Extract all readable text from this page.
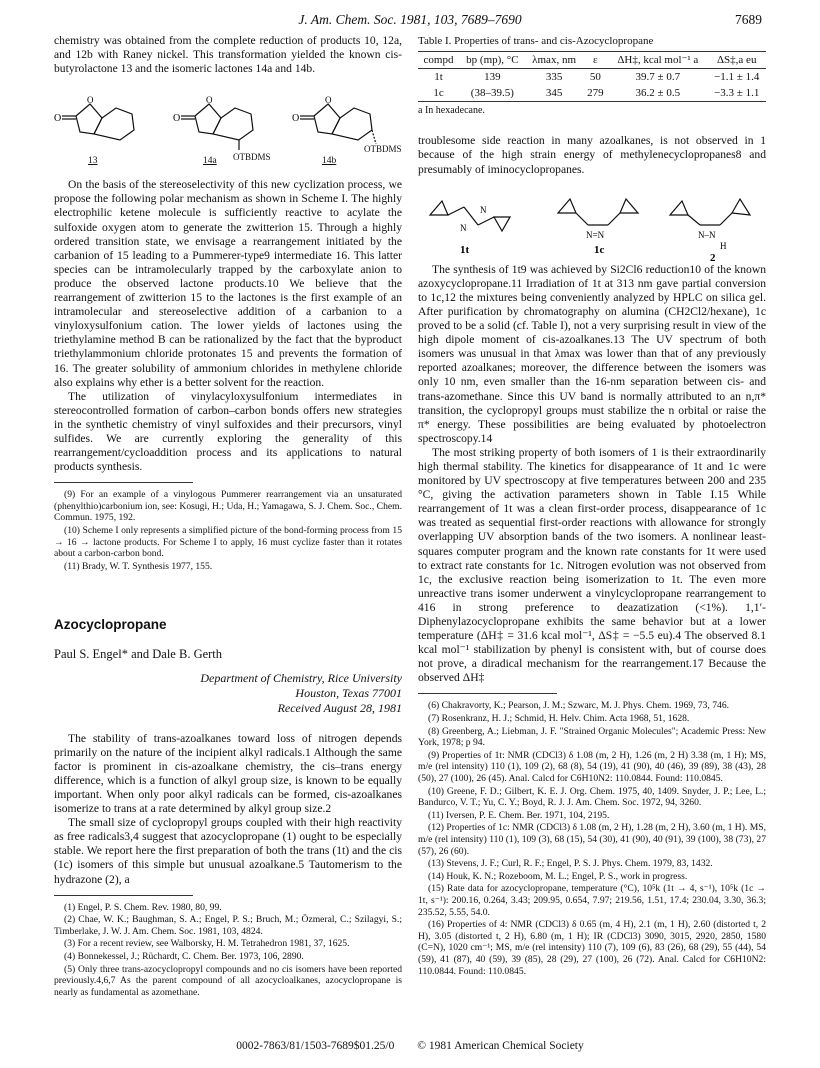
J. Am. Chem. Soc. 1981, 103, 7689–7690	7689

chemistry was obtained from the complete reduction of products 10, 12a, and 12b with Raney nickel. This transformation yielded the known cis-butyrolactone 13 and the isomeric lactones 14a and 14b.

O
O
13
O
O
14a OTBDMS
O
O
14b
OTBDMS

On the basis of the stereoselectivity of this new cyclization process, we propose the following polar mechanism as shown in Scheme I. The highly electrophilic ketene molecule is sufficiently reactive to acylate the sulfoxide oxygen atom to generate the zwitterion 15. Through a highly ordered transition state, we envisage a rearrangement initiated by the carbanion of 15 leading to a Pummerer-type9 intermediate 16. This latter species can be intramolecularly trapped by the carboxylate anion to produce the observed lactone products.10 We believe that the rearrangement of zwitterion 15 to the lactones is the first example of an intramolecular and stereoselective addition of a carbanion to a vinyloxysulfonium cation. The lower yields of lactones using the triethylamine method B can be rationalized by the fact that the byproduct triethylammonium chloride protonates 15 and prevents the formation of 16. The greater solubility of ammonium chlorides in methylene chloride also explains why ether is a better solvent for the reaction.

The utilization of vinylacyloxysulfonium intermediates in stereocontrolled formation of carbon–carbon bonds offers new strategies in the synthetic chemistry of vinyl sulfoxides and their precursors, vinyl sulfides. We are currently exploring the generality of this rearrangement/cycloaddition process and its applications to natural products synthesis.

(9) For an example of a vinylogous Pummerer rearrangement via an unsaturated (phenylthio)carbonium ion, see: Kosugi, H.; Uda, H.; Yamagawa, S. J. Chem. Soc., Chem. Commun. 1975, 192.

(10) Scheme I only represents a simplified picture of the bond-forming process from 15 → 16 → lactone products. For Scheme I to apply, 16 must cyclize faster than it rotates about a carbon-carbon bond.

(11) Brady, W. T. Synthesis 1977, 155.

Azocyclopropane
Paul S. Engel* and Dale B. Gerth
Department of Chemistry, Rice University
Houston, Texas 77001
Received August 28, 1981

The stability of trans-azoalkanes toward loss of nitrogen depends primarily on the nature of the incipient alkyl radicals.1 Although the same factor is prominent in cis-azoalkane chemistry, the cis–trans energy difference, which is a function of alkyl group size, is known to be equally important. When only poor alkyl radicals can be formed, cis-azoalkanes isomerize to trans at a rate determined by alkyl group size.2

The small size of cyclopropyl groups coupled with their high reactivity as free radicals3,4 suggest that azocyclopropane (1) ought to be especially stable. We report here the first preparation of both the trans (1t) and the cis (1c) isomers of this simple but unusual azoalkane.5 Tautomerism to the hydrazone (2), a

(1) Engel, P. S. Chem. Rev. 1980, 80, 99.

(2) Chae, W. K.; Baughman, S. A.; Engel, P. S.; Bruch, M.; Özmeral, C.; Szilagyi, S.; Timberlake, J. W. J. Am. Chem. Soc. 1981, 103, 4824.

(3) For a recent review, see Walborsky, H. M. Tetrahedron 1981, 37, 1625.

(4) Bonnekessel, J.; Rüchardt, C. Chem. Ber. 1973, 106, 2890.

(5) Only three trans-azocyclopropyl compounds and no cis isomers have been reported previously.4,6,7 As the parent compound of all azocycloalkanes, azocyclopropane is nearly as fundamental as azomethane.

Table I. Properties of trans- and cis-Azocyclopropane
compd	bp (mp), °C	λmax, nm	ε	ΔH‡, kcal mol⁻¹ a	ΔS‡,a eu
1t	139	335	50	39.7 ± 0.7	−1.1 ± 1.4
1c	(38–39.5)	345	279	36.2 ± 0.5	−3.3 ± 1.1
a In hexadecane.

troublesome side reaction in many azoalkanes, is not observed in 1 because of the high strain energy of methylenecyclopropanes8 and presumably of iminocyclopropanes.

N
N
N=N	N–N
H
1t	1c
2

The synthesis of 1t9 was achieved by Si2Cl6 reduction10 of the known azoxycyclopropane.11 Irradiation of 1t at 313 nm gave partial conversion to 1c,12 the mixtures being conveniently analyzed by HPLC on silica gel. After purification by chromatography on alumina (CH2Cl2/hexane), 1c proved to be a solid (cf. Table I), not a very surprising result in view of the high dipole moment of cis-azoalkanes.13 The UV spectrum of both isomers was unusual in that λmax was lower than that of any previously reported azoalkanes; moreover, the difference between the isomers was only 10 nm, even smaller than the 16-nm separation between cis- and trans-azomethane. Since this UV band is normally attributed to an n,π* transition, the cyclopropyl groups must stabilize the n orbital or raise the π* energy. These possibilities are being evaluated by photoelectron spectroscopy.14

The most striking property of both isomers of 1 is their extraordinarily high thermal stability. The kinetics for disappearance of 1t and 1c were monitored by UV spectroscopy at five temperatures between 200 and 235 °C, giving the activation parameters shown in Table I.15 While rearrangement of 1t was a clean first-order process, disappearance of 1c was treated as sequential first-order reactions with allowance for strongly overlapping UV absorption bands of the two isomers. A nonlinear least-squares computer program and the known rate constants for 1t were used to extract rate constants for 1c. Nitrogen evolution was not observed from 1c, the exclusive reaction being isomerization to 1t. The even more unreactive trans isomer underwent a vinylcyclopropane rearrangement to 416 in strong preference to deazatization (<1%). 1,1′-Diphenylazocyclopropane exhibits the same behavior but at a lower temperature (ΔH‡ = 31.6 kcal mol⁻¹, ΔS‡ = −5.5 eu).4 The observed 8.1 kcal mol⁻¹ stabilization by phenyl is consistent with, but of course does not prove, a diradical mechanism for the rearrangement.17 Because the observed ΔH‡

(6) Chakravorty, K.; Pearson, J. M.; Szwarc, M. J. Phys. Chem. 1969, 73, 746.

(7) Rosenkranz, H. J.; Schmid, H. Helv. Chim. Acta 1968, 51, 1628.

(8) Greenberg, A.; Liebman, J. F. "Strained Organic Molecules"; Academic Press: New York, 1978; p 94.

(9) Properties of 1t: NMR (CDCl3) δ 1.08 (m, 2 H), 1.26 (m, 2 H) 3.38 (m, 1 H); MS, m/e (rel intensity) 110 (1), 109 (2), 68 (8), 54 (19), 41 (90), 40 (46), 39 (89), 38 (43), 28 (50), 27 (100), 26 (45). Anal. Calcd for C6H10N2: 110.0844. Found: 110.0845.

(10) Greene, F. D.; Gilbert, K. E. J. Org. Chem. 1975, 40, 1409. Snyder, J. P.; Lee, L.; Bandurco, V. T.; Yu, C. Y.; Boyd, R. J. J. Am. Chem. Soc. 1972, 94, 3260.

(11) Iversen, P. E. Chem. Ber. 1971, 104, 2195.

(12) Properties of 1c: NMR (CDCl3) δ 1.08 (m, 2 H), 1.28 (m, 2 H), 3.60 (m, 1 H). MS, m/e (rel intensity) 110 (1), 109 (3), 68 (15), 54 (30), 41 (90), 40 (91), 39 (100), 38 (73), 27 (57), 26 (60).

(13) Stevens, J. F.; Curl, R. F.; Engel, P. S. J. Phys. Chem. 1979, 83, 1432.

(14) Houk, K. N.; Rozeboom, M. L.; Engel, P. S., work in progress.

(15) Rate data for azocyclopropane, temperature (°C), 10⁵k (1t → 4, s⁻¹), 10⁵k (1c → 1t, s⁻¹): 200.16, 0.264, 3.43; 209.95, 0.654, 7.97; 219.56, 1.51, 17.4; 230.04, 3.30, 36.3; 235.52, 5.55, 54.0.

(16) Properties of 4: NMR (CDCl3) δ 0.65 (m, 4 H), 2.1 (m, 1 H), 2.60 (distorted t, 2 H), 3.05 (distorted t, 2 H), 6.80 (m, 1 H); IR (CDCl3) 3090, 3015, 2920, 2850, 1580 (C=N), 1020 cm⁻¹; MS, m/e (rel intensity) 110 (7), 109 (6), 83 (26), 68 (29), 55 (44), 54 (59), 41 (87), 40 (59), 39 (85), 28 (29), 27 (100), 26 (72). Anal. Calcd for C6H10N2: 110.0844. Found: 110.0845.

0002-7863/81/1503-7689$01.25/0 © 1981 American Chemical Society
